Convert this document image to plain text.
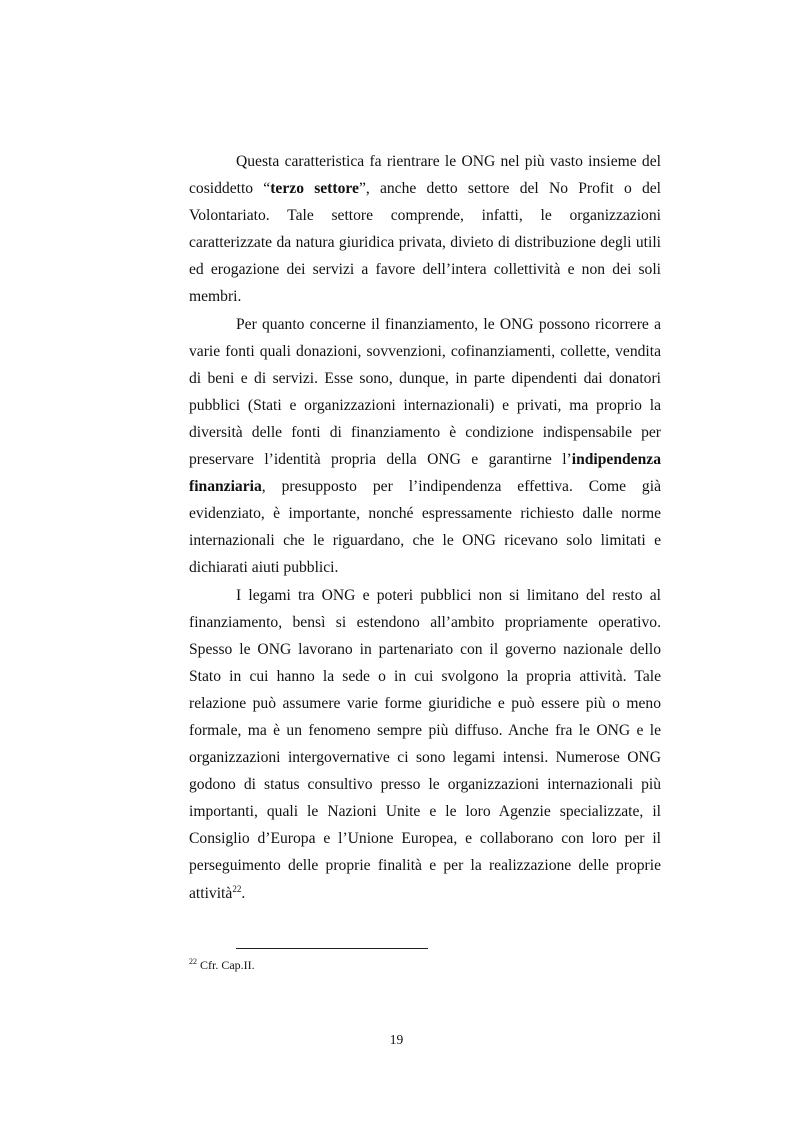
Questa caratteristica fa rientrare le ONG nel più vasto insieme del cosiddetto “terzo settore”, anche detto settore del No Profit o del Volontariato. Tale settore comprende, infatti, le organizzazioni caratterizzate da natura giuridica privata, divieto di distribuzione degli utili ed erogazione dei servizi a favore dell’intera collettività e non dei soli membri.

Per quanto concerne il finanziamento, le ONG possono ricorrere a varie fonti quali donazioni, sovvenzioni, cofinanziamenti, collette, vendita di beni e di servizi. Esse sono, dunque, in parte dipendenti dai donatori pubblici (Stati e organizzazioni internazionali) e privati, ma proprio la diversità delle fonti di finanziamento è condizione indispensabile per preservare l’identità propria della ONG e garantirne l’indipendenza finanziaria, presupposto per l’indipendenza effettiva. Come già evidenziato, è importante, nonché espressamente richiesto dalle norme internazionali che le riguardano, che le ONG ricevano solo limitati e dichiarati aiuti pubblici.

I legami tra ONG e poteri pubblici non si limitano del resto al finanziamento, bensì si estendono all’ambito propriamente operativo. Spesso le ONG lavorano in partenariato con il governo nazionale dello Stato in cui hanno la sede o in cui svolgono la propria attività. Tale relazione può assumere varie forme giuridiche e può essere più o meno formale, ma è un fenomeno sempre più diffuso. Anche fra le ONG e le organizzazioni intergovernative ci sono legami intensi. Numerose ONG godono di status consultivo presso le organizzazioni internazionali più importanti, quali le Nazioni Unite e le loro Agenzie specializzate, il Consiglio d’Europa e l’Unione Europea, e collaborano con loro per il perseguimento delle proprie finalità e per la realizzazione delle proprie attività$^{22}$.

$^{22}$ Cfr. Cap.II.

19
